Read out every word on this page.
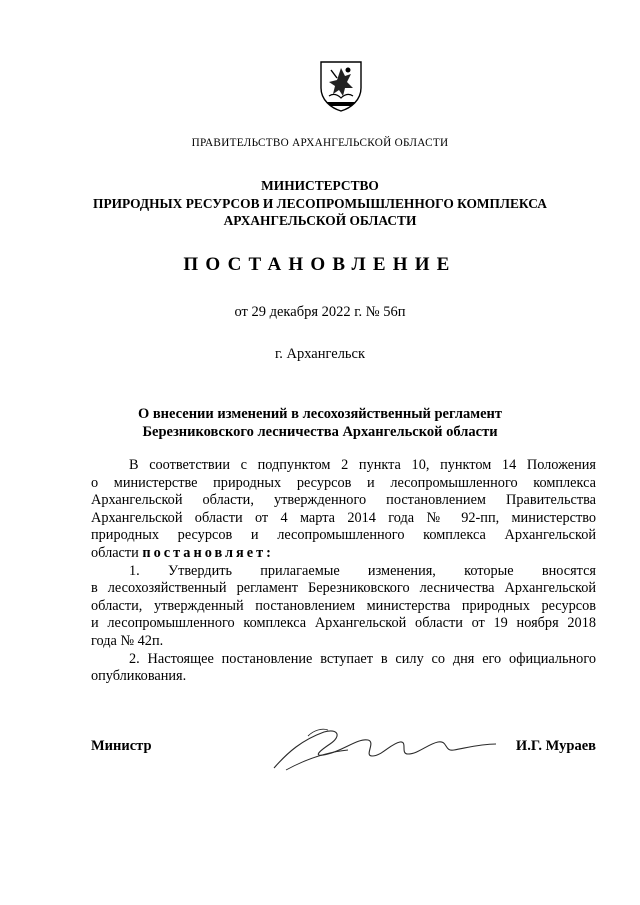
ПРАВИТЕЛЬСТВО АРХАНГЕЛЬСКОЙ ОБЛАСТИ
МИНИСТЕРСТВО
ПРИРОДНЫХ РЕСУРСОВ И ЛЕСОПРОМЫШЛЕННОГО КОМПЛЕКСА
АРХАНГЕЛЬСКОЙ ОБЛАСТИ
ПОСТАНОВЛЕНИЕ
от 29 декабря 2022 г. № 56п
г. Архангельск
О внесении изменений в лесохозяйственный регламент
Березниковского лесничества Архангельской области
В соответствии с подпунктом 2 пункта 10, пунктом 14 Положения
о министерстве природных ресурсов и лесопромышленного комплекса
Архангельской области, утвержденного постановлением Правительства
Архангельской области от 4 марта 2014 года № 92-пп, министерство
природных ресурсов и лесопромышленного комплекса Архангельской
области постановляет:
1. Утвердить прилагаемые изменения, которые вносятся
в лесохозяйственный регламент Березниковского лесничества Архангельской
области, утвержденный постановлением министерства природных ресурсов
и лесопромышленного комплекса Архангельской области от 19 ноября 2018
года № 42п.
2. Настоящее постановление вступает в силу со дня его официального
опубликования.
Министр	И.Г. Мураев
